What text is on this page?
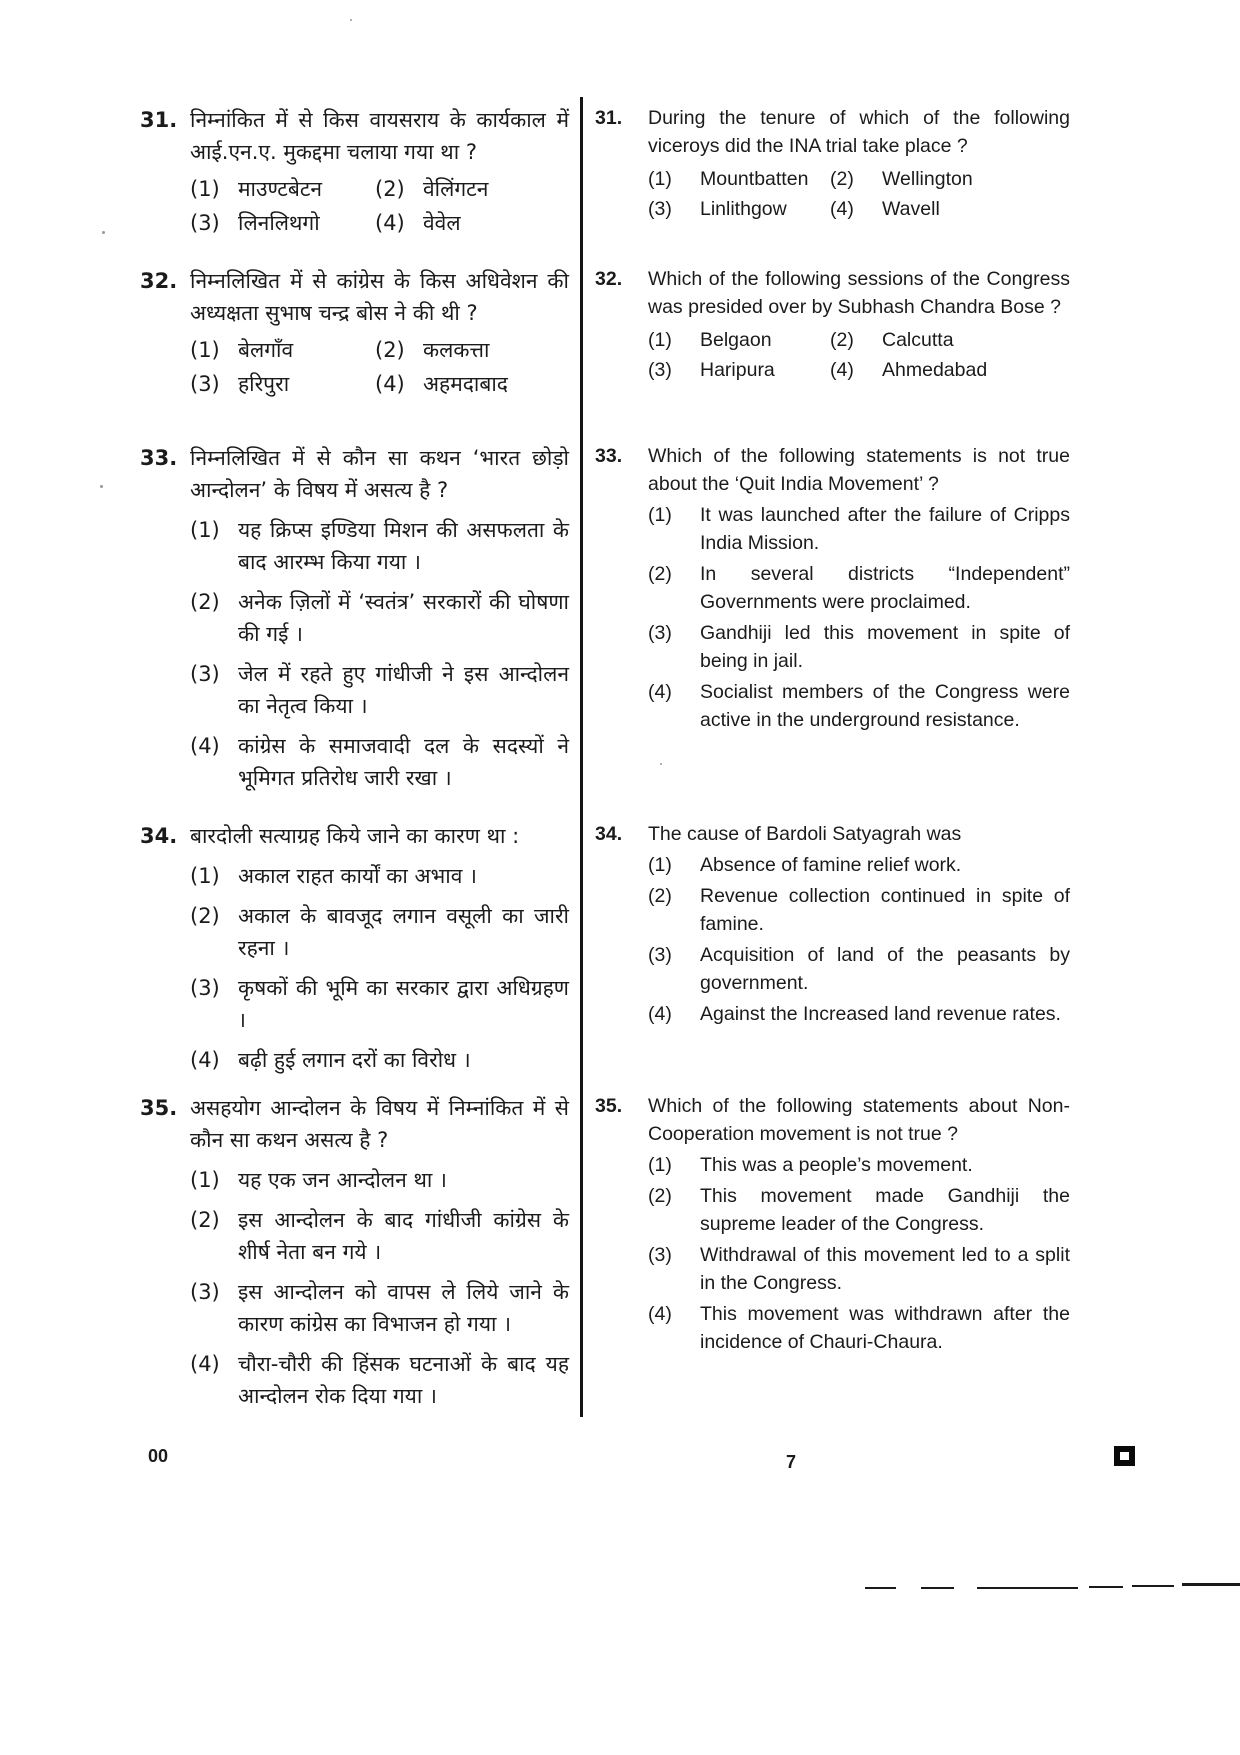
31. निम्नांकित में से किस वायसराय के कार्यकाल में आई.एन.ए. मुकद्दमा चलाया गया था ?

(1) माउण्टबेटन	(2) वेलिंगटन
(3) लिनलिथगो	(4) वेवेल
31.	During the tenure of which of the following viceroys did the INA trial take place ?

(1)	Mountbatten	(2)	Wellington
(3)	Linlithgow	(4)	Wavell
32. निम्नलिखित में से कांग्रेस के किस अधिवेशन की अध्यक्षता सुभाष चन्द्र बोस ने की थी ?

(1) बेलगाँव	(2) कलकत्ता
(3) हरिपुरा	(4) अहमदाबाद
32.	Which of the following sessions of the Congress was presided over by Subhash Chandra Bose ?

(1)	Belgaon	(2)	Calcutta
(3)	Haripura	(4)	Ahmedabad
33. निम्नलिखित में से कौन सा कथन ‘भारत छोड़ो आन्दोलन’ के विषय में असत्य है ?

(1) यह क्रिप्स इण्डिया मिशन की असफलता के बाद आरम्भ किया गया ।
(2) अनेक ज़िलों में ‘स्वतंत्र’ सरकारों की घोषणा की गई ।
(3) जेल में रहते हुए गांधीजी ने इस आन्दोलन का नेतृत्व किया ।
(4) कांग्रेस के समाजवादी दल के सदस्यों ने भूमिगत प्रतिरोध जारी रखा ।
33.	Which of the following statements is not true about the ‘Quit India Movement’ ?

(1)	It was launched after the failure of Cripps India Mission.
(2)	In several districts “Independent” Governments were proclaimed.
(3)	Gandhiji led this movement in spite of being in jail.
(4)	Socialist members of the Congress were active in the underground resistance.
34. बारदोली सत्याग्रह किये जाने का कारण था :

(1) अकाल राहत कार्यों का अभाव ।
(2) अकाल के बावजूद लगान वसूली का जारी रहना ।
(3) कृषकों की भूमि का सरकार द्वारा अधिग्रहण ।
(4) बढ़ी हुई लगान दरों का विरोध ।
34.	The cause of Bardoli Satyagrah was

(1)	Absence of famine relief work.
(2)	Revenue collection continued in spite of famine.
(3)	Acquisition of land of the peasants by government.
(4)	Against the Increased land revenue rates.
35. असहयोग आन्दोलन के विषय में निम्नांकित में से कौन सा कथन असत्य है ?

(1) यह एक जन आन्दोलन था ।
(2) इस आन्दोलन के बाद गांधीजी कांग्रेस के शीर्ष नेता बन गये ।
(3) इस आन्दोलन को वापस ले लिये जाने के कारण कांग्रेस का विभाजन हो गया ।
(4) चौरा-चौरी की हिंसक घटनाओं के बाद यह आन्दोलन रोक दिया गया ।
35.	Which of the following statements about Non-Cooperation movement is not true ?

(1)	This was a people’s movement.
(2)	This movement made Gandhiji the supreme leader of the Congress.
(3)	Withdrawal of this movement led to a split in the Congress.
(4)	This movement was withdrawn after the incidence of Chauri-Chaura.
00	7
